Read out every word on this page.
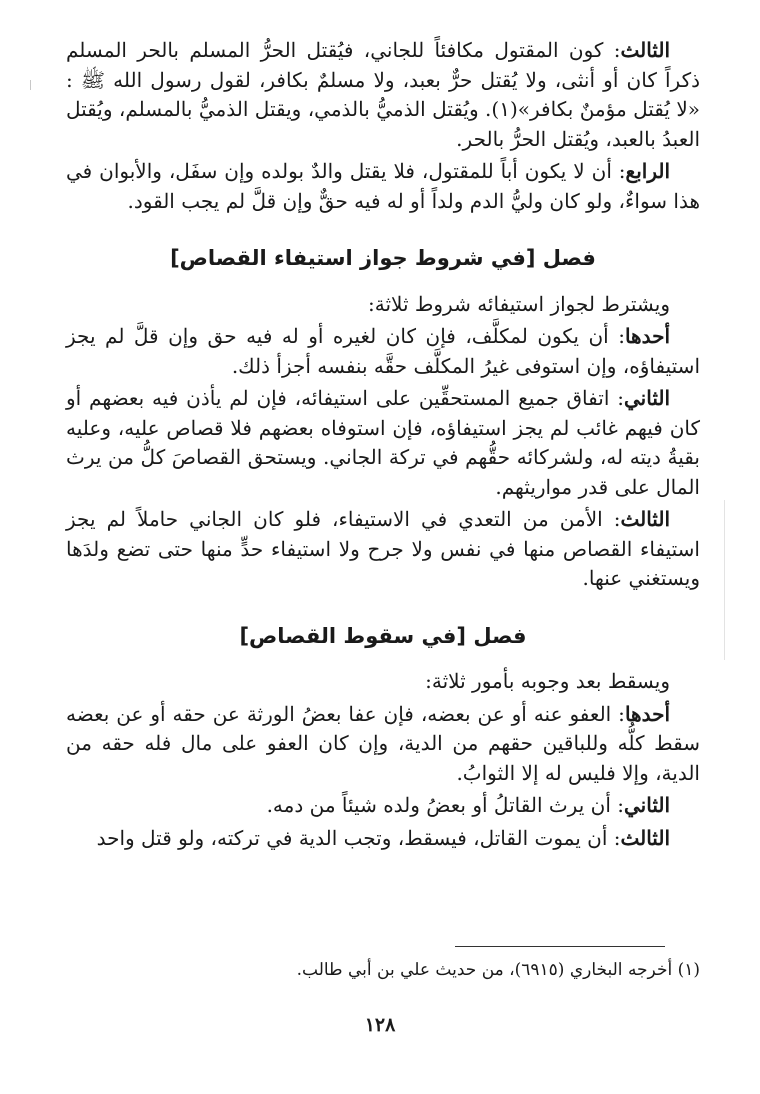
الثالث: كون المقتول مكافئاً للجاني، فيُقتل الحرُّ المسلم بالحر المسلم ذكراً كان أو أنثى، ولا يُقتل حرٌّ بعبد، ولا مسلمٌ بكافر، لقول رسول الله ﷺ : «لا يُقتل مؤمنٌ بكافر»(١). ويُقتل الذميُّ بالذمي، ويقتل الذميُّ بالمسلم، ويُقتل العبدُ بالعبد، ويُقتل الحرُّ بالحر.

الرابع: أن لا يكون أباً للمقتول، فلا يقتل والدٌ بولده وإن سفَل، والأبوان في هذا سواءٌ، ولو كان وليُّ الدم ولداً أو له فيه حقٌّ وإن قلَّ لم يجب القود.

فصل [في شروط جواز استيفاء القصاص]

ويشترط لجواز استيفائه شروط ثلاثة:

أحدها: أن يكون لمكلَّف، فإن كان لغيره أو له فيه حق وإن قلَّ لم يجز استيفاؤه، وإن استوفى غيرُ المكلَّف حقَّه بنفسه أجزأ ذلك.

الثاني: اتفاق جميع المستحقِّين على استيفائه، فإن لم يأذن فيه بعضهم أو كان فيهم غائب لم يجز استيفاؤه، فإن استوفاه بعضهم فلا قصاص عليه، وعليه بقيةُ ديته له، ولشركائه حقُّهم في تركة الجاني. ويستحق القصاصَ كلُّ من يرث المال على قدر مواريثهم.

الثالث: الأمن من التعدي في الاستيفاء، فلو كان الجاني حاملاً لم يجز استيفاء القصاص منها في نفس ولا جرح ولا استيفاء حدٍّ منها حتى تضع ولدَها ويستغني عنها.

فصل [في سقوط القصاص]

ويسقط بعد وجوبه بأمور ثلاثة:

أحدها: العفو عنه أو عن بعضه، فإن عفا بعضُ الورثة عن حقه أو عن بعضه سقط كلُّه وللباقين حقهم من الدية، وإن كان العفو على مال فله حقه من الدية، وإلا فليس له إلا الثوابُ.

الثاني: أن يرث القاتلُ أو بعضُ ولده شيئاً من دمه.

الثالث: أن يموت القاتل، فيسقط، وتجب الدية في تركته، ولو قتل واحد

(١) أخرجه البخاري (٦٩١٥)، من حديث علي بن أبي طالب.
١٢٨
